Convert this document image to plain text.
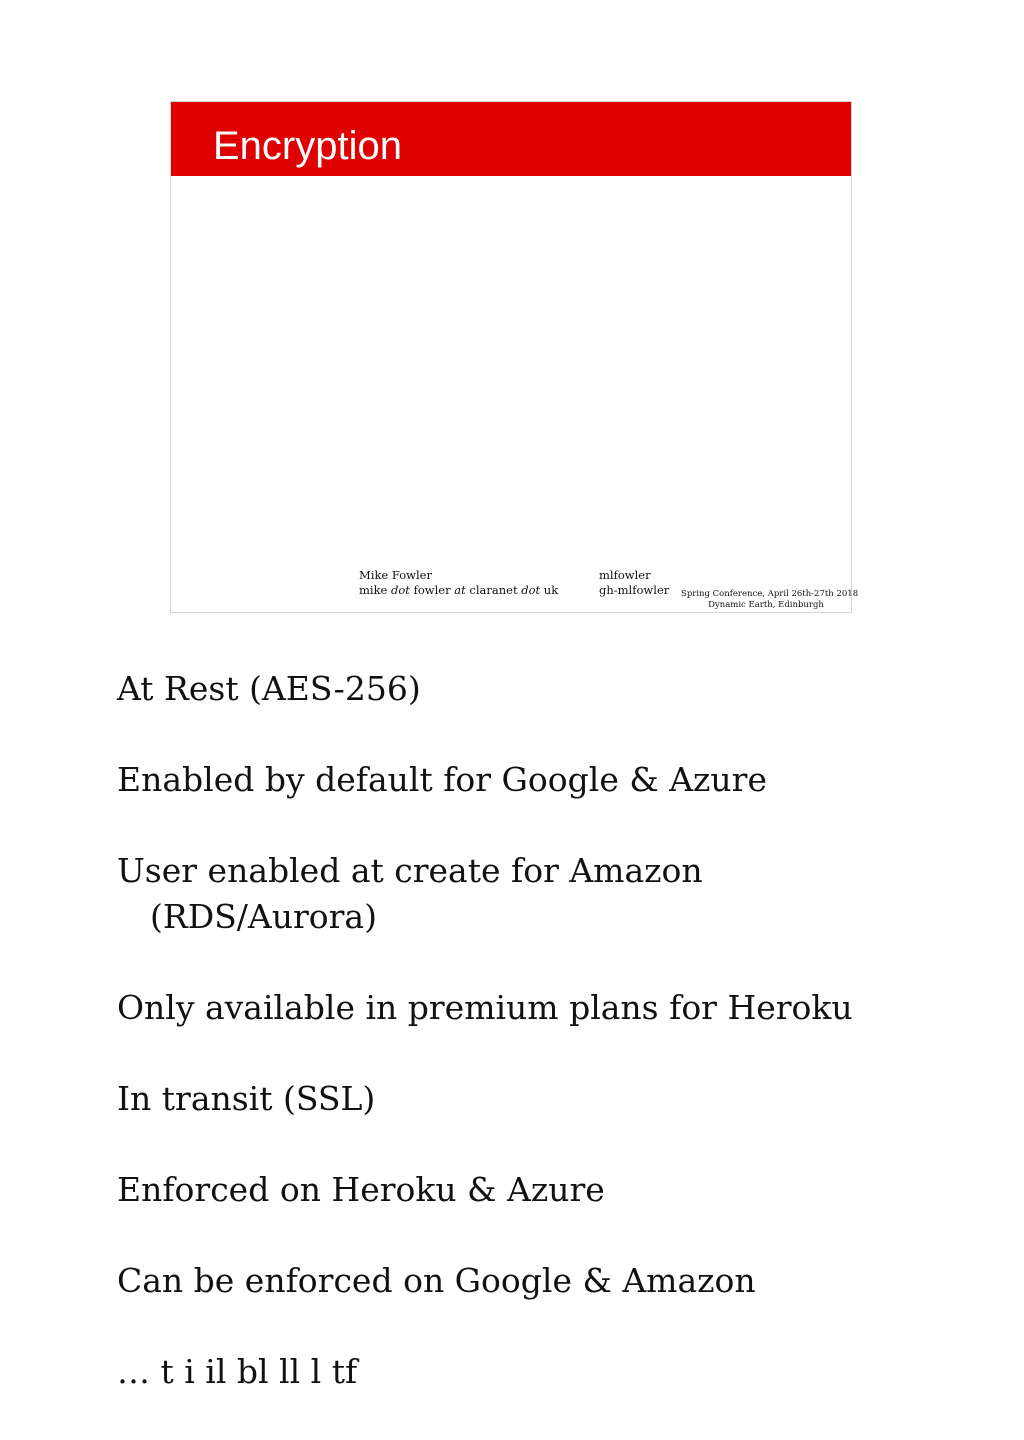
Encryption
Mike Fowler
mike dot fowler at claranet dot uk
mlfowler
gh-mlfowler Spring Conference, April 26th-27th 2018
Dynamic Earth, Edinburgh

At Rest (AES-256)

Enabled by default for Google & Azure

User enabled at create for Amazon
(RDS/Aurora)

Only available in premium plans for Heroku

In transit (SSL)

Enforced on Heroku & Azure

Can be enforced on Google & Amazon

… t i il bl ll l tf
